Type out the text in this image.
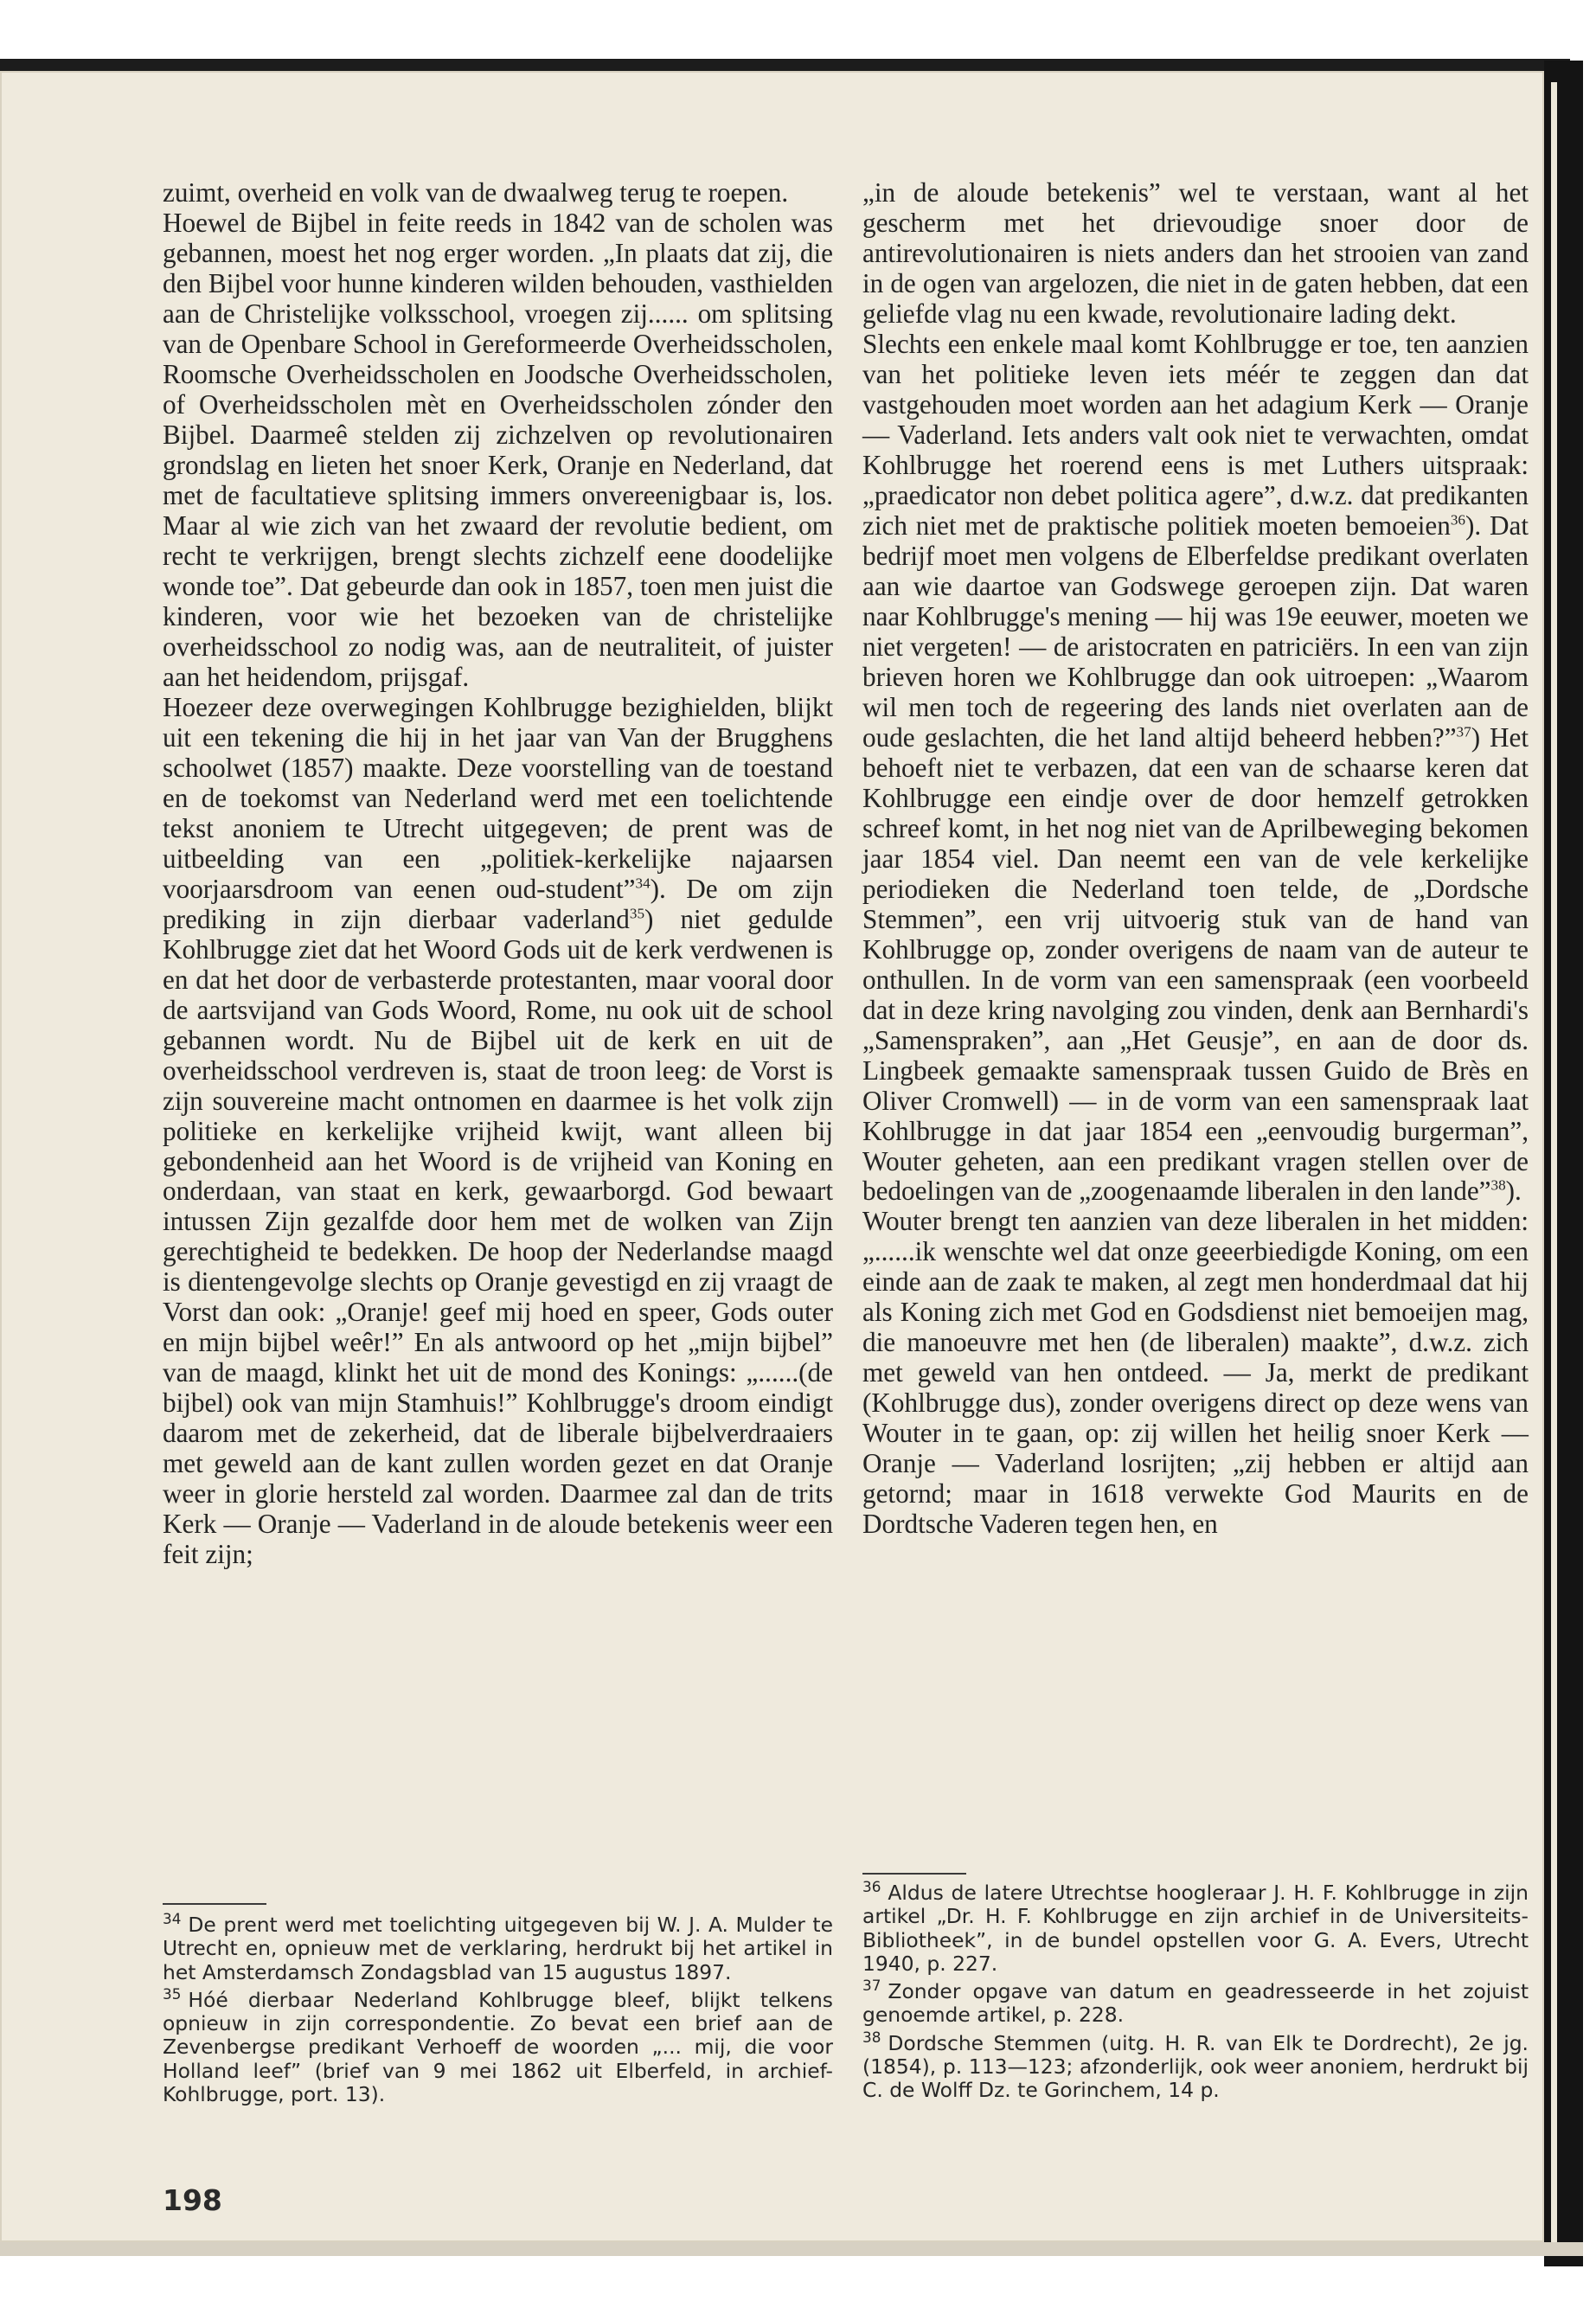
zuimt, overheid en volk van de dwaalweg terug te roepen.

Hoewel de Bijbel in feite reeds in 1842 van de scholen was gebannen, moest het nog erger worden. „In plaats dat zij, die den Bijbel voor hunne kinderen wilden behouden, vasthielden aan de Christelijke volksschool, vroegen zij...... om splitsing van de Openbare School in Gereformeerde Overheidsscholen, Roomsche Overheidsscholen en Joodsche Overheidsscholen, of Overheidsscholen mèt en Overheidsscholen zónder den Bijbel. Daarmeê stelden zij zichzelven op revolutionairen grondslag en lieten het snoer Kerk, Oranje en Nederland, dat met de facultatieve splitsing immers onvereenigbaar is, los. Maar al wie zich van het zwaard der revolutie bedient, om recht te verkrijgen, brengt slechts zichzelf eene doodelijke wonde toe”. Dat gebeurde dan ook in 1857, toen men juist die kinderen, voor wie het bezoeken van de christelijke overheidsschool zo nodig was, aan de neutraliteit, of juister aan het heidendom, prijsgaf.

Hoezeer deze overwegingen Kohlbrugge bezighielden, blijkt uit een tekening die hij in het jaar van Van der Brugghens schoolwet (1857) maakte. Deze voorstelling van de toestand en de toekomst van Nederland werd met een toelichtende tekst anoniem te Utrecht uitgegeven; de prent was de uitbeelding van een „politiek-kerkelijke najaarsen voorjaarsdroom van eenen oud-student”$^{34}$). De om zijn prediking in zijn dierbaar vaderland$^{35}$) niet gedulde Kohlbrugge ziet dat het Woord Gods uit de kerk verdwenen is en dat het door de verbasterde protestanten, maar vooral door de aartsvijand van Gods Woord, Rome, nu ook uit de school gebannen wordt. Nu de Bijbel uit de kerk en uit de overheidsschool verdreven is, staat de troon leeg: de Vorst is zijn souvereine macht ontnomen en daarmee is het volk zijn politieke en kerkelijke vrijheid kwijt, want alleen bij gebondenheid aan het Woord is de vrijheid van Koning en onderdaan, van staat en kerk, gewaarborgd. God bewaart intussen Zijn gezalfde door hem met de wolken van Zijn gerechtigheid te bedekken. De hoop der Nederlandse maagd is dientengevolge slechts op Oranje gevestigd en zij vraagt de Vorst dan ook: „Oranje! geef mij hoed en speer, Gods outer en mijn bijbel weêr!” En als antwoord op het „mijn bijbel” van de maagd, klinkt het uit de mond des Konings: „......(de bijbel) ook van mijn Stamhuis!” Kohlbrugge's droom eindigt daarom met de zekerheid, dat de liberale bijbelverdraaiers met geweld aan de kant zullen worden gezet en dat Oranje weer in glorie hersteld zal worden. Daarmee zal dan de trits Kerk — Oranje — Vaderland in de aloude betekenis weer een feit zijn;

„in de aloude betekenis” wel te verstaan, want al het gescherm met het drievoudige snoer door de antirevolutionairen is niets anders dan het strooien van zand in de ogen van argelozen, die niet in de gaten hebben, dat een geliefde vlag nu een kwade, revolutionaire lading dekt.

Slechts een enkele maal komt Kohlbrugge er toe, ten aanzien van het politieke leven iets méér te zeggen dan dat vastgehouden moet worden aan het adagium Kerk — Oranje — Vaderland. Iets anders valt ook niet te verwachten, omdat Kohlbrugge het roerend eens is met Luthers uitspraak: „praedicator non debet politica agere”, d.w.z. dat predikanten zich niet met de praktische politiek moeten bemoeien$^{36}$). Dat bedrijf moet men volgens de Elberfeldse predikant overlaten aan wie daartoe van Godswege geroepen zijn. Dat waren naar Kohlbrugge's mening — hij was 19e eeuwer, moeten we niet vergeten! — de aristocraten en patriciërs. In een van zijn brieven horen we Kohlbrugge dan ook uitroepen: „Waarom wil men toch de regeering des lands niet overlaten aan de oude geslachten, die het land altijd beheerd hebben?”$^{37}$) Het behoeft niet te verbazen, dat een van de schaarse keren dat Kohlbrugge een eindje over de door hemzelf getrokken schreef komt, in het nog niet van de Aprilbeweging bekomen jaar 1854 viel. Dan neemt een van de vele kerkelijke periodieken die Nederland toen telde, de „Dordsche Stemmen”, een vrij uitvoerig stuk van de hand van Kohlbrugge op, zonder overigens de naam van de auteur te onthullen. In de vorm van een samenspraak (een voorbeeld dat in deze kring navolging zou vinden, denk aan Bernhardi's „Samenspraken”, aan „Het Geusje”, en aan de door ds. Lingbeek gemaakte samenspraak tussen Guido de Brès en Oliver Cromwell) — in de vorm van een samenspraak laat Kohlbrugge in dat jaar 1854 een „eenvoudig burgerman”, Wouter geheten, aan een predikant vragen stellen over de bedoelingen van de „zoogenaamde liberalen in den lande”$^{38}$).

Wouter brengt ten aanzien van deze liberalen in het midden: „......ik wenschte wel dat onze geeerbiedigde Koning, om een einde aan de zaak te maken, al zegt men honderdmaal dat hij als Koning zich met God en Godsdienst niet bemoeijen mag, die manoeuvre met hen (de liberalen) maakte”, d.w.z. zich met geweld van hen ontdeed. — Ja, merkt de predikant (Kohlbrugge dus), zonder overigens direct op deze wens van Wouter in te gaan, op: zij willen het heilig snoer Kerk — Oranje — Vaderland losrijten; „zij hebben er altijd aan getornd; maar in 1618 verwekte God Maurits en de Dordtsche Vaderen tegen hen, en

$^{34}$ De prent werd met toelichting uitgegeven bij W. J. A. Mulder te Utrecht en, opnieuw met de verklaring, herdrukt bij het artikel in het Amsterdamsch Zondagsblad van 15 augustus 1897.

$^{35}$ Hóé dierbaar Nederland Kohlbrugge bleef, blijkt telkens opnieuw in zijn correspondentie. Zo bevat een brief aan de Zevenbergse predikant Verhoeff de woorden „... mij, die voor Holland leef” (brief van 9 mei 1862 uit Elberfeld, in archief-Kohlbrugge, port. 13).

$^{36}$ Aldus de latere Utrechtse hoogleraar J. H. F. Kohlbrugge in zijn artikel „Dr. H. F. Kohlbrugge en zijn archief in de Universiteits-Bibliotheek”, in de bundel opstellen voor G. A. Evers, Utrecht 1940, p. 227.

$^{37}$ Zonder opgave van datum en geadresseerde in het zojuist genoemde artikel, p. 228.

$^{38}$ Dordsche Stemmen (uitg. H. R. van Elk te Dordrecht), 2e jg. (1854), p. 113—123; afzonderlijk, ook weer anoniem, herdrukt bij C. de Wolff Dz. te Gorinchem, 14 p.

198
